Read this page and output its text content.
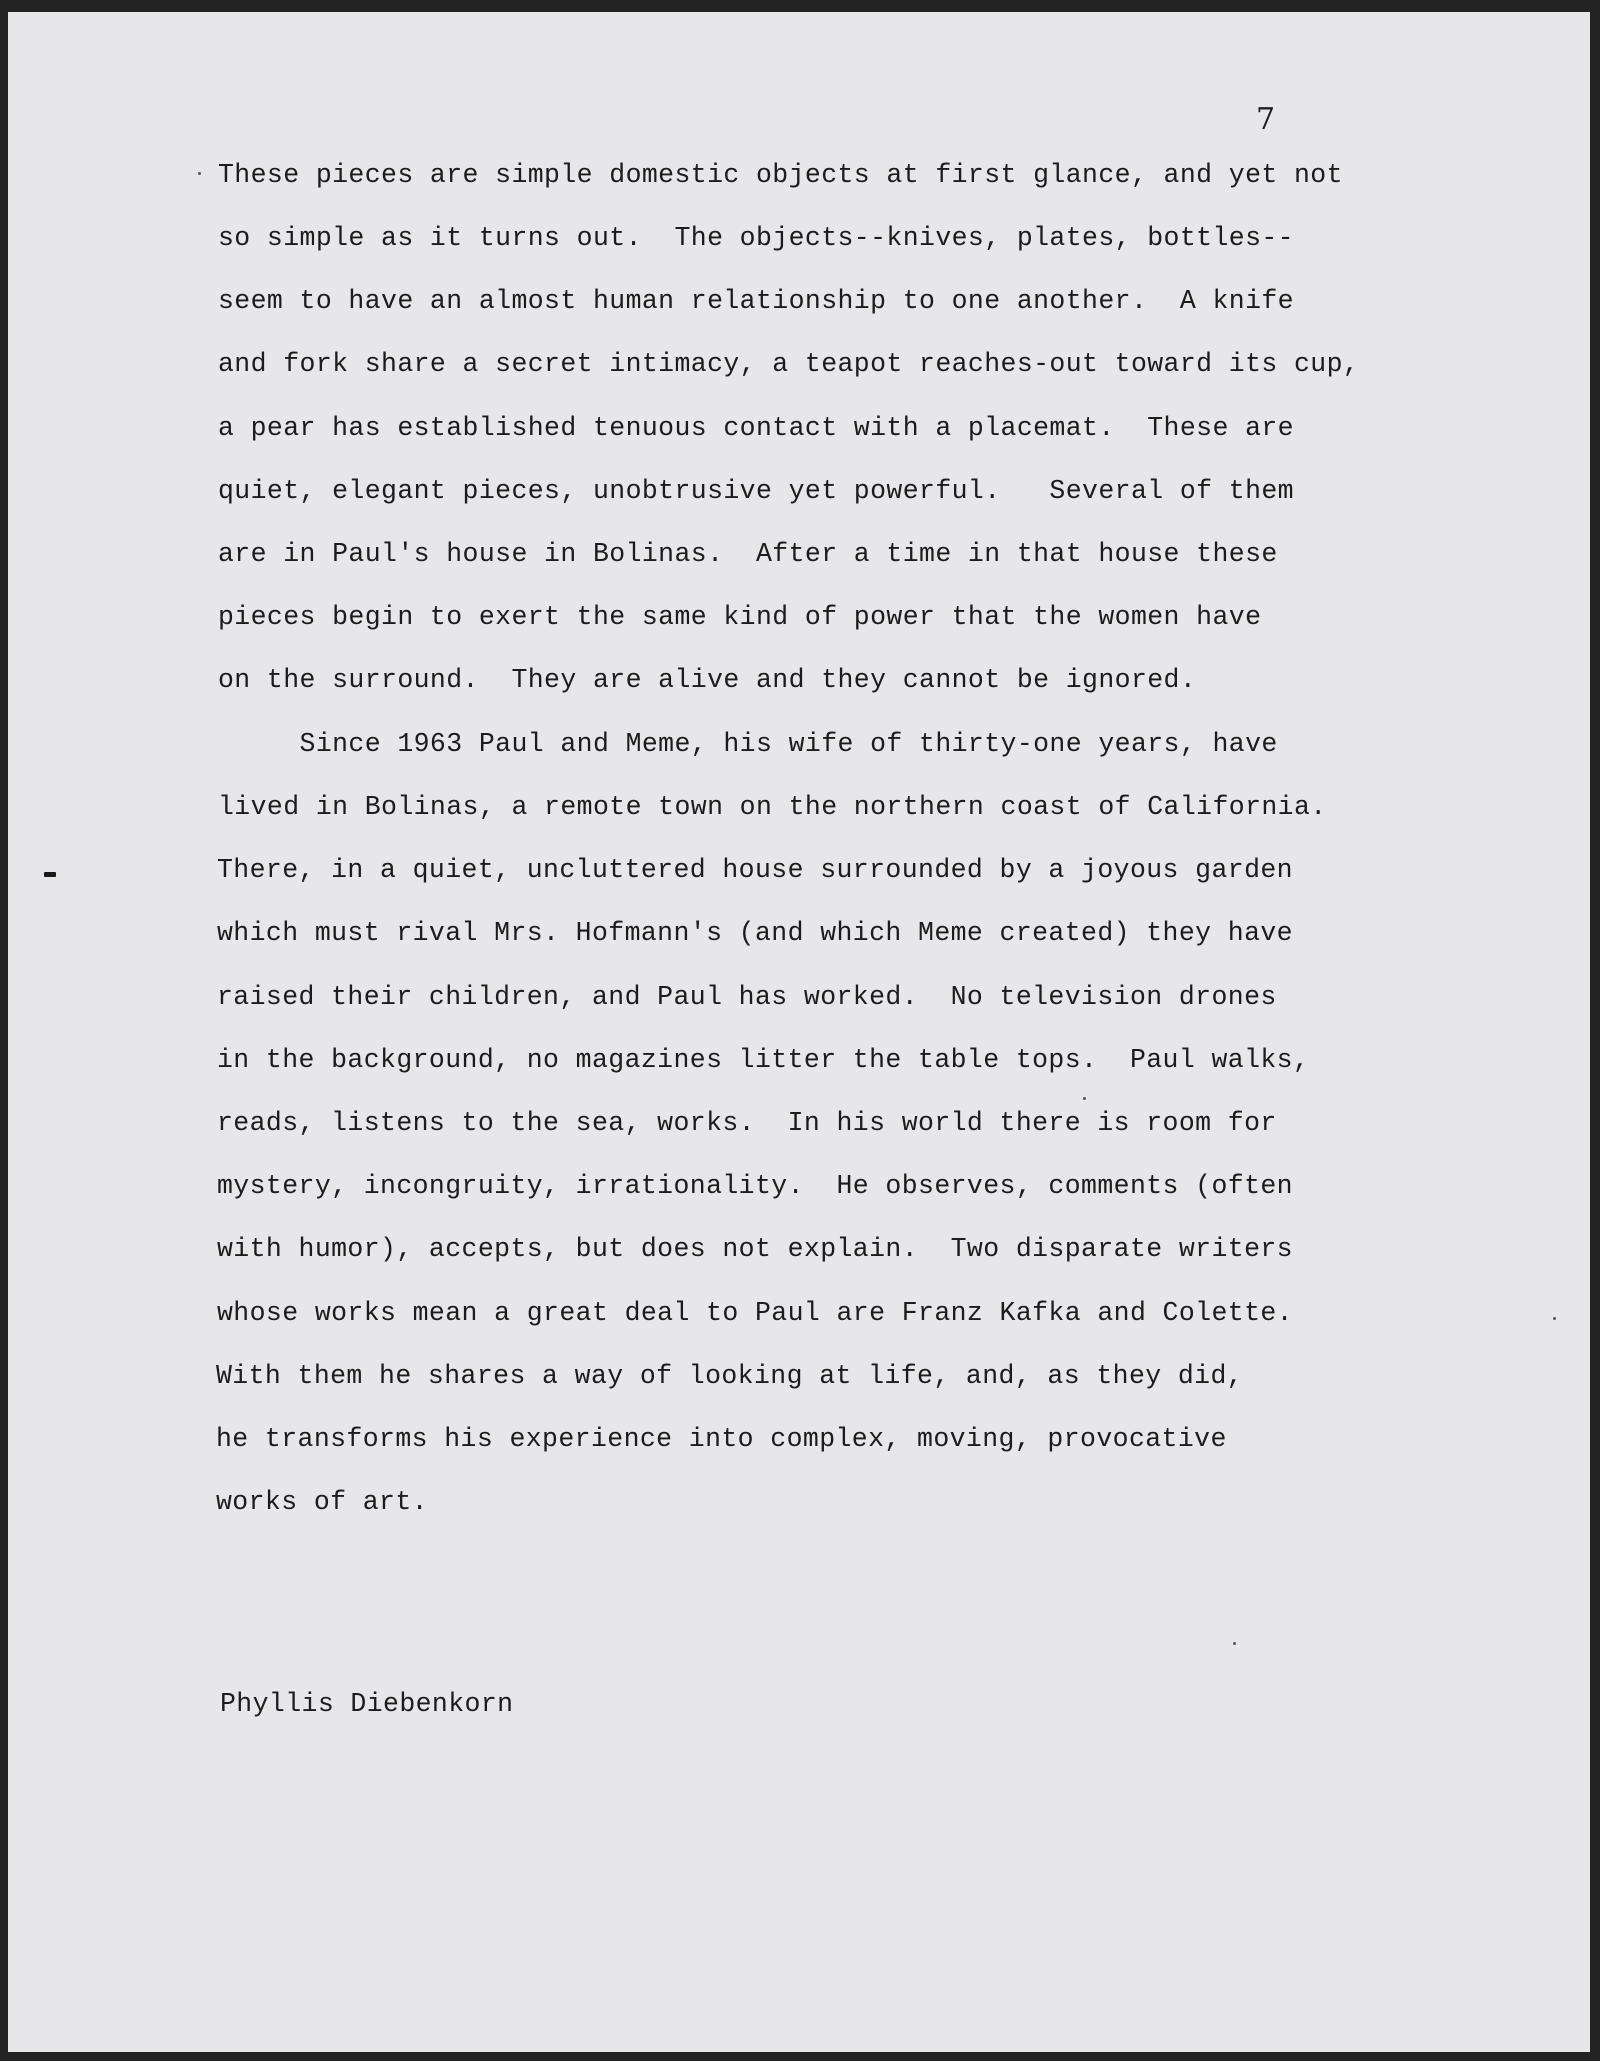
7
These pieces are simple domestic objects at first glance, and yet not
so simple as it turns out.  The objects--knives, plates, bottles--
seem to have an almost human relationship to one another.  A knife
and fork share a secret intimacy, a teapot reaches-out toward its cup,
a pear has established tenuous contact with a placemat.  These are
quiet, elegant pieces, unobtrusive yet powerful.   Several of them
are in Paul's house in Bolinas.  After a time in that house these
pieces begin to exert the same kind of power that the women have
on the surround.  They are alive and they cannot be ignored.
Since 1963 Paul and Meme, his wife of thirty-one years, have
lived in Bolinas, a remote town on the northern coast of California.
There, in a quiet, uncluttered house surrounded by a joyous garden
which must rival Mrs. Hofmann's (and which Meme created) they have
raised their children, and Paul has worked.  No television drones
in the background, no magazines litter the table tops.  Paul walks,
reads, listens to the sea, works.  In his world there is room for
mystery, incongruity, irrationality.  He observes, comments (often
with humor), accepts, but does not explain.  Two disparate writers
whose works mean a great deal to Paul are Franz Kafka and Colette.
With them he shares a way of looking at life, and, as they did,
he transforms his experience into complex, moving, provocative
works of art.
Phyllis Diebenkorn
